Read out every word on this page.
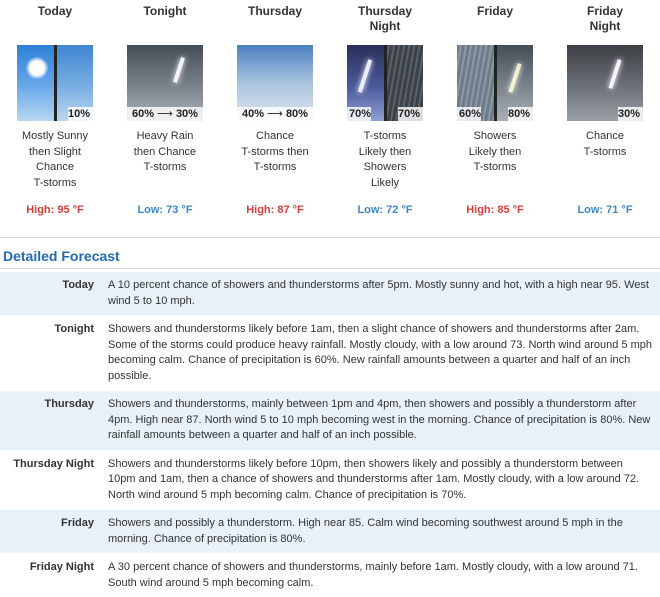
Today
10%
Mostly Sunny
then Slight
Chance
T-storms
High: 95 °F
Tonight
60% ⟶ 30%
Heavy Rain
then Chance
T-storms
Low: 73 °F
Thursday
40% ⟶ 80%
Chance
T-storms then
T-storms
High: 87 °F
Thursday
Night
70% 70%
T-storms
Likely then
Showers
Likely
Low: 72 °F
Friday
60% 80%
Showers
Likely then
T-storms
High: 85 °F
Friday
Night
30%
Chance
T-storms
Low: 71 °F
Detailed Forecast
Today	A 10 percent chance of showers and thunderstorms after 5pm. Mostly sunny and hot, with a high near 95. West wind 5 to 10 mph.
Tonight	Showers and thunderstorms likely before 1am, then a slight chance of showers and thunderstorms after 2am. Some of the storms could produce heavy rainfall. Mostly cloudy, with a low around 73. North wind around 5 mph becoming calm. Chance of precipitation is 60%. New rainfall amounts between a quarter and half of an inch possible.
Thursday	Showers and thunderstorms, mainly between 1pm and 4pm, then showers and possibly a thunderstorm after 4pm. High near 87. North wind 5 to 10 mph becoming west in the morning. Chance of precipitation is 80%. New rainfall amounts between a quarter and half of an inch possible.
Thursday Night	Showers and thunderstorms likely before 10pm, then showers likely and possibly a thunderstorm between 10pm and 1am, then a chance of showers and thunderstorms after 1am. Mostly cloudy, with a low around 72. North wind around 5 mph becoming calm. Chance of precipitation is 70%.
Friday	Showers and possibly a thunderstorm. High near 85. Calm wind becoming southwest around 5 mph in the morning. Chance of precipitation is 80%.
Friday Night	A 30 percent chance of showers and thunderstorms, mainly before 1am. Mostly cloudy, with a low around 71. South wind around 5 mph becoming calm.
